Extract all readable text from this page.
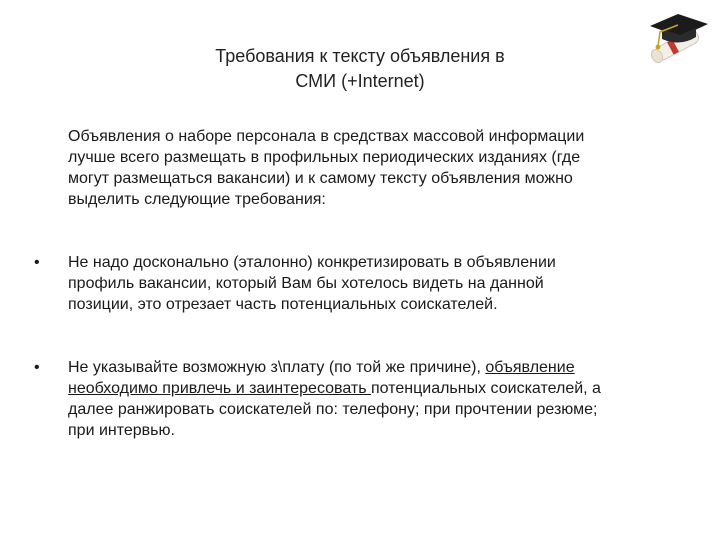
Требования к тексту объявления в
СМИ (+Internet)

Объявления о наборе персонала в средствах массовой информации
лучше всего размещать в профильных периодических изданиях (где
могут размещаться вакансии) и к самому тексту объявления можно
выделить следующие требования:

• Не надо досконально (эталонно) конкретизировать в объявлении
профиль вакансии, который Вам бы хотелось видеть на данной
позиции, это отрезает часть потенциальных соискателей.

• Не указывайте возможную з\плату (по той же причине), объявление
необходимо привлечь и заинтересовать потенциальных соискателей, а
далее ранжировать соискателей по: телефону; при прочтении резюме;
при интервью.
